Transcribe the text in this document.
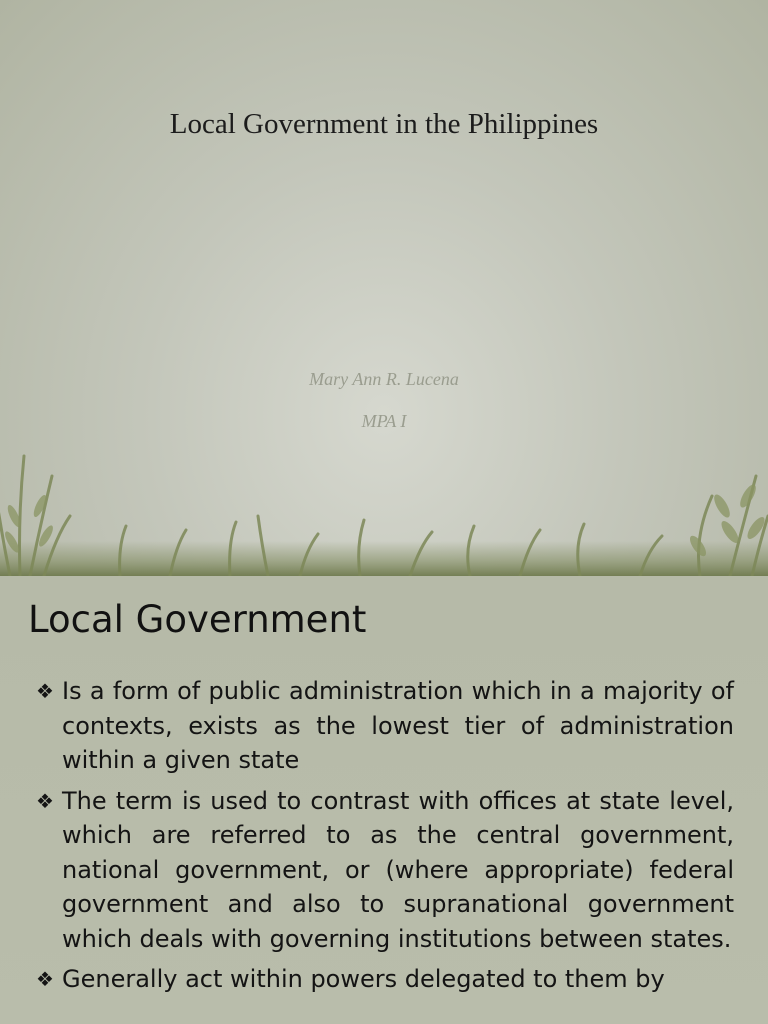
Local Government in the Philippines
Mary Ann R. Lucena
MPA I
Local Government
❖ Is a form of public administration which in a majority of contexts, exists as the lowest tier of administration within a given state
❖ The term is used to contrast with offices at state level, which are referred to as the central government, national government, or (where appropriate) federal government and also to supranational government which deals with governing institutions between states.
❖ Generally act within powers delegated to them by
